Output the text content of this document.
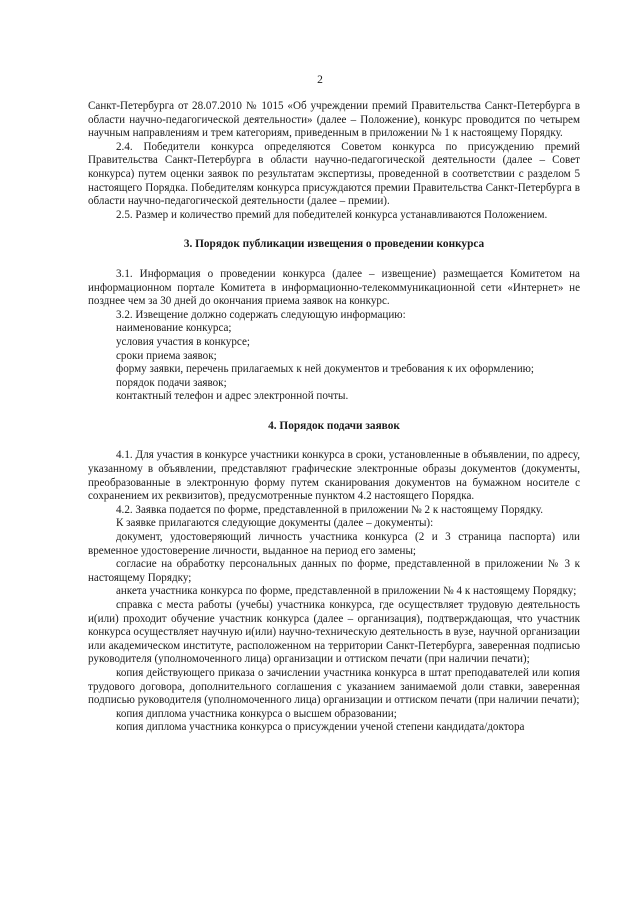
2

Санкт-Петербурга от 28.07.2010 № 1015 «Об учреждении премий Правительства Санкт-Петербурга в области научно-педагогической деятельности» (далее – Положение), конкурс проводится по четырем научным направлениям и трем категориям, приведенным в приложении № 1 к настоящему Порядку.

2.4. Победители конкурса определяются Советом конкурса по присуждению премий Правительства Санкт-Петербурга в области научно-педагогической деятельности (далее – Совет конкурса) путем оценки заявок по результатам экспертизы, проведенной в соответствии с разделом 5 настоящего Порядка. Победителям конкурса присуждаются премии Правительства Санкт-Петербурга в области научно-педагогической деятельности (далее – премии).

2.5. Размер и количество премий для победителей конкурса устанавливаются Положением.

3. Порядок публикации извещения о проведении конкурса

3.1. Информация о проведении конкурса (далее – извещение) размещается Комитетом на информационном портале Комитета в информационно-телекоммуникационной сети «Интернет» не позднее чем за 30 дней до окончания приема заявок на конкурс.

3.2. Извещение должно содержать следующую информацию:

наименование конкурса;

условия участия в конкурсе;

сроки приема заявок;

форму заявки, перечень прилагаемых к ней документов и требования к их оформлению;

порядок подачи заявок;

контактный телефон и адрес электронной почты.

4. Порядок подачи заявок

4.1. Для участия в конкурсе участники конкурса в сроки, установленные в объявлении, по адресу, указанному в объявлении, представляют графические электронные образы документов (документы, преобразованные в электронную форму путем сканирования документов на бумажном носителе с сохранением их реквизитов), предусмотренные пунктом 4.2 настоящего Порядка.

4.2. Заявка подается по форме, представленной в приложении № 2 к настоящему Порядку.

К заявке прилагаются следующие документы (далее – документы):

документ, удостоверяющий личность участника конкурса (2 и 3 страница паспорта) или временное удостоверение личности, выданное на период его замены;

согласие на обработку персональных данных по форме, представленной в приложении № 3 к настоящему Порядку;

анкета участника конкурса по форме, представленной в приложении № 4 к настоящему Порядку;

справка с места работы (учебы) участника конкурса, где осуществляет трудовую деятельность и(или) проходит обучение участник конкурса (далее – организация), подтверждающая, что участник конкурса осуществляет научную и(или) научно-техническую деятельность в вузе, научной организации или академическом институте, расположенном на территории Санкт-Петербурга, заверенная подписью руководителя (уполномоченного лица) организации и оттиском печати (при наличии печати);

копия действующего приказа о зачислении участника конкурса в штат преподавателей или копия трудового договора, дополнительного соглашения с указанием занимаемой доли ставки, заверенная подписью руководителя (уполномоченного лица) организации и оттиском печати (при наличии печати);

копия диплома участника конкурса о высшем образовании;

копия диплома участника конкурса о присуждении ученой степени кандидата/доктора
